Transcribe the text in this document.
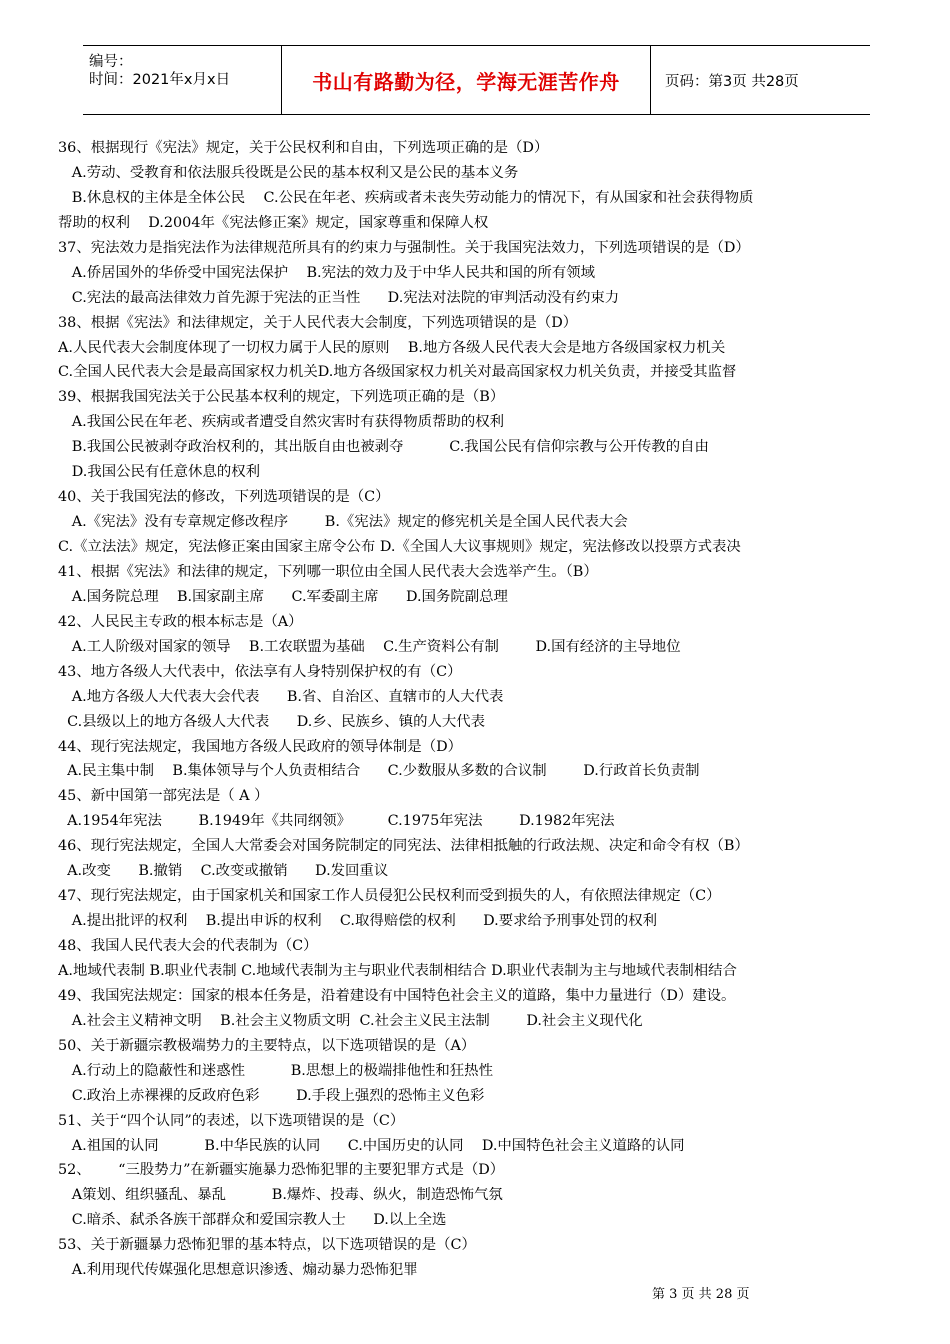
编号：
时间：2021年x月x日	书山有路勤为径，学海无涯苦作舟	页码：第3页 共28页
36、根据现行《宪法》规定，关于公民权利和自由，下列选项正确的是（D）
A.劳动、受教育和依法服兵役既是公民的基本权利又是公民的基本义务
B.休息权的主体是全体公民    C.公民在年老、疾病或者未丧失劳动能力的情况下，有从国家和社会获得物质
帮助的权利    D.2004年《宪法修正案》规定，国家尊重和保障人权
37、宪法效力是指宪法作为法律规范所具有的约束力与强制性。关于我国宪法效力，下列选项错误的是（D）
A.侨居国外的华侨受中国宪法保护    B.宪法的效力及于中华人民共和国的所有领域
C.宪法的最高法律效力首先源于宪法的正当性      D.宪法对法院的审判活动没有约束力
38、根据《宪法》和法律规定，关于人民代表大会制度，下列选项错误的是（D）
A.人民代表大会制度体现了一切权力属于人民的原则    B.地方各级人民代表大会是地方各级国家权力机关
C.全国人民代表大会是最高国家权力机关D.地方各级国家权力机关对最高国家权力机关负责，并接受其监督
39、根据我国宪法关于公民基本权利的规定，下列选项正确的是（B）
A.我国公民在年老、疾病或者遭受自然灾害时有获得物质帮助的权利
B.我国公民被剥夺政治权利的，其出版自由也被剥夺          C.我国公民有信仰宗教与公开传教的自由
D.我国公民有任意休息的权利
40、关于我国宪法的修改，下列选项错误的是（C）
A.《宪法》没有专章规定修改程序        B.《宪法》规定的修宪机关是全国人民代表大会
C.《立法法》规定，宪法修正案由国家主席令公布 D.《全国人大议事规则》规定，宪法修改以投票方式表决
41、根据《宪法》和法律的规定，下列哪一职位由全国人民代表大会选举产生。（B）
A.国务院总理    B.国家副主席      C.军委副主席      D.国务院副总理
42、人民民主专政的根本标志是（A）
A.工人阶级对国家的领导    B.工农联盟为基础    C.生产资料公有制        D.国有经济的主导地位
43、地方各级人大代表中，依法享有人身特别保护权的有（C）
A.地方各级人大代表大会代表      B.省、自治区、直辖市的人大代表
C.县级以上的地方各级人大代表      D.乡、民族乡、镇的人大代表
44、现行宪法规定，我国地方各级人民政府的领导体制是（D）
A.民主集中制    B.集体领导与个人负责相结合      C.少数服从多数的合议制        D.行政首长负责制
45、新中国第一部宪法是（ A ）
A.1954年宪法        B.1949年《共同纲领》        C.1975年宪法        D.1982年宪法
46、现行宪法规定，全国人大常委会对国务院制定的同宪法、法律相抵触的行政法规、决定和命令有权（B）
A.改变      B.撤销    C.改变或撤销      D.发回重议
47、现行宪法规定，由于国家机关和国家工作人员侵犯公民权利而受到损失的人，有依照法律规定（C）
A.提出批评的权利    B.提出申诉的权利    C.取得赔偿的权利      D.要求给予刑事处罚的权利
48、我国人民代表大会的代表制为（C）
A.地域代表制 B.职业代表制 C.地域代表制为主与职业代表制相结合 D.职业代表制为主与地域代表制相结合
49、我国宪法规定：国家的根本任务是，沿着建设有中国特色社会主义的道路，集中力量进行（D）建设。
A.社会主义精神文明    B.社会主义物质文明  C.社会主义民主法制        D.社会主义现代化
50、关于新疆宗教极端势力的主要特点，以下选项错误的是（A）
A.行动上的隐蔽性和迷惑性          B.思想上的极端排他性和狂热性
C.政治上赤裸裸的反政府色彩        D.手段上强烈的恐怖主义色彩
51、关于“四个认同”的表述，以下选项错误的是（C）
A.祖国的认同          B.中华民族的认同      C.中国历史的认同    D.中国特色社会主义道路的认同
52、      “三股势力”在新疆实施暴力恐怖犯罪的主要犯罪方式是（D）
A策划、组织骚乱、暴乱          B.爆炸、投毒、纵火，制造恐怖气氛
C.暗杀、弑杀各族干部群众和爱国宗教人士      D.以上全选
53、关于新疆暴力恐怖犯罪的基本特点，以下选项错误的是（C）
A.利用现代传媒强化思想意识渗透、煽动暴力恐怖犯罪
第 3 页 共 28 页
